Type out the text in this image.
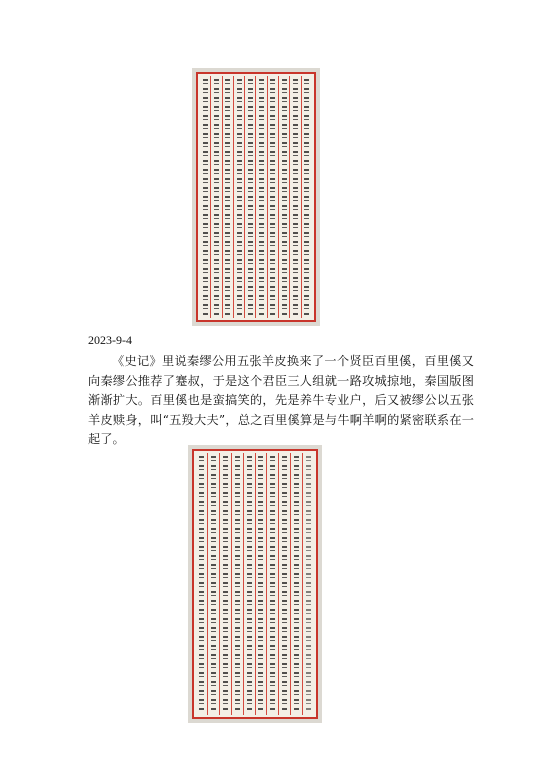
2023-9-4

《史记》里说秦缪公用五张羊皮换来了一个贤臣百里傒，百里傒又向秦缪公推荐了蹇叔，于是这个君臣三人组就一路攻城掠地，秦国版图渐渐扩大。百里傒也是蛮搞笑的，先是养牛专业户，后又被缪公以五张羊皮赎身，叫“五羖大夫”，总之百里傒算是与牛啊羊啊的紧密联系在一起了。
